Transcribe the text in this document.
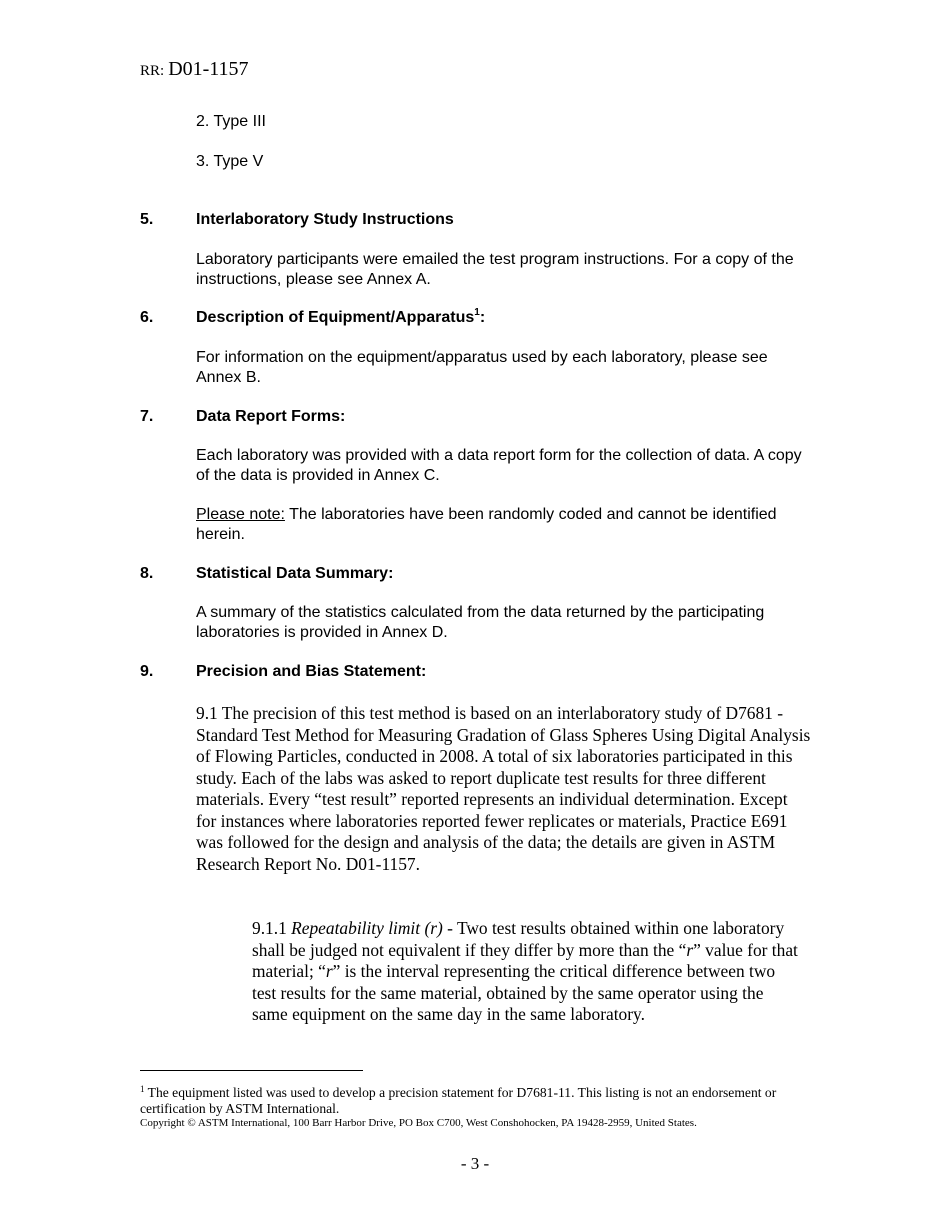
RR: D01-1157
2. Type III
3. Type V
5.	Interlaboratory Study Instructions
Laboratory participants were emailed the test program instructions. For a copy of the instructions, please see Annex A.
6.	Description of Equipment/Apparatus$^1$:
For information on the equipment/apparatus used by each laboratory, please see Annex B.
7.	Data Report Forms:
Each laboratory was provided with a data report form for the collection of data. A copy of the data is provided in Annex C.
Please note: The laboratories have been randomly coded and cannot be identified herein.
8.	Statistical Data Summary:
A summary of the statistics calculated from the data returned by the participating laboratories is provided in Annex D.
9.	Precision and Bias Statement:
9.1 The precision of this test method is based on an interlaboratory study of D7681 - Standard Test Method for Measuring Gradation of Glass Spheres Using Digital Analysis of Flowing Particles, conducted in 2008. A total of six laboratories participated in this study. Each of the labs was asked to report duplicate test results for three different materials. Every “test result” reported represents an individual determination. Except for instances where laboratories reported fewer replicates or materials, Practice E691 was followed for the design and analysis of the data; the details are given in ASTM Research Report No. D01-1157.
9.1.1 Repeatability limit (r) - Two test results obtained within one laboratory shall be judged not equivalent if they differ by more than the “r” value for that material; “r” is the interval representing the critical difference between two test results for the same material, obtained by the same operator using the same equipment on the same day in the same laboratory.
$^1$ The equipment listed was used to develop a precision statement for D7681-11. This listing is not an endorsement or certification by ASTM International.
Copyright © ASTM International, 100 Barr Harbor Drive, PO Box C700, West Conshohocken, PA 19428-2959, United States.
- 3 -
